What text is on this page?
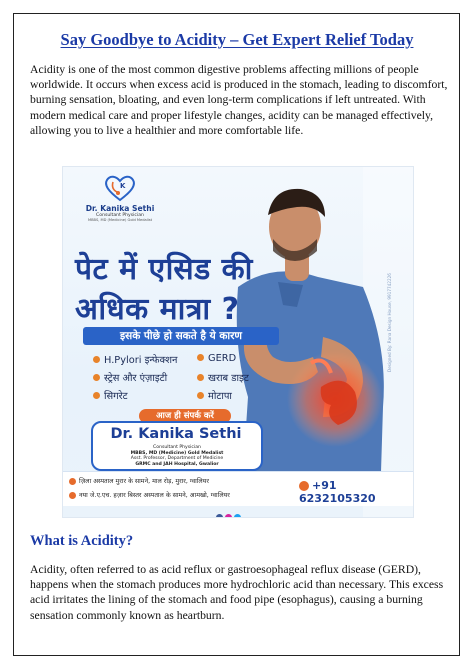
Say Goodbye to Acidity – Get Expert Relief Today
Acidity is one of the most common digestive problems affecting millions of people worldwide. It occurs when excess acid is produced in the stomach, leading to discomfort, burning sensation, bloating, and even long-term complications if left untreated. With modern medical care and proper lifestyle changes, acidity can be managed effectively, allowing you to live a healthier and more comfortable life.
K
Dr. Kanika Sethi
Consultant Physician
MBBS, MD (Medicine) Gold Medalist
पेट में एसिड की
अधिक मात्रा ?
इसके पीछे हो सकते है ये कारण
H.Pylori इन्फेक्शन
स्ट्रेस और एंज़ाइटी
सिगरेट
GERD
खराब डाइट
मोटापा
आज ही संपर्क करें
Dr. Kanika Sethi
Consultant Physician
MBBS, MD (Medicine) Gold Medalist
Asst. Professor, Department of Medicine
GRMC and JAH Hospital, Gwalior
Designed By: Rana Design House, 9917742226
ज़िला अस्पताल मुरार के सामने, माल रोड़, मुरार, ग्वालियर
नया जे.ए.एच. हज़ार बिस्तर अस्पताल के सामने, आमखो, ग्वालियर
+91 6232105320
What is Acidity?
Acidity, often referred to as acid reflux or gastroesophageal reflux disease (GERD), happens when the stomach produces more hydrochloric acid than necessary. This excess acid irritates the lining of the stomach and food pipe (esophagus), causing a burning sensation commonly known as heartburn.
